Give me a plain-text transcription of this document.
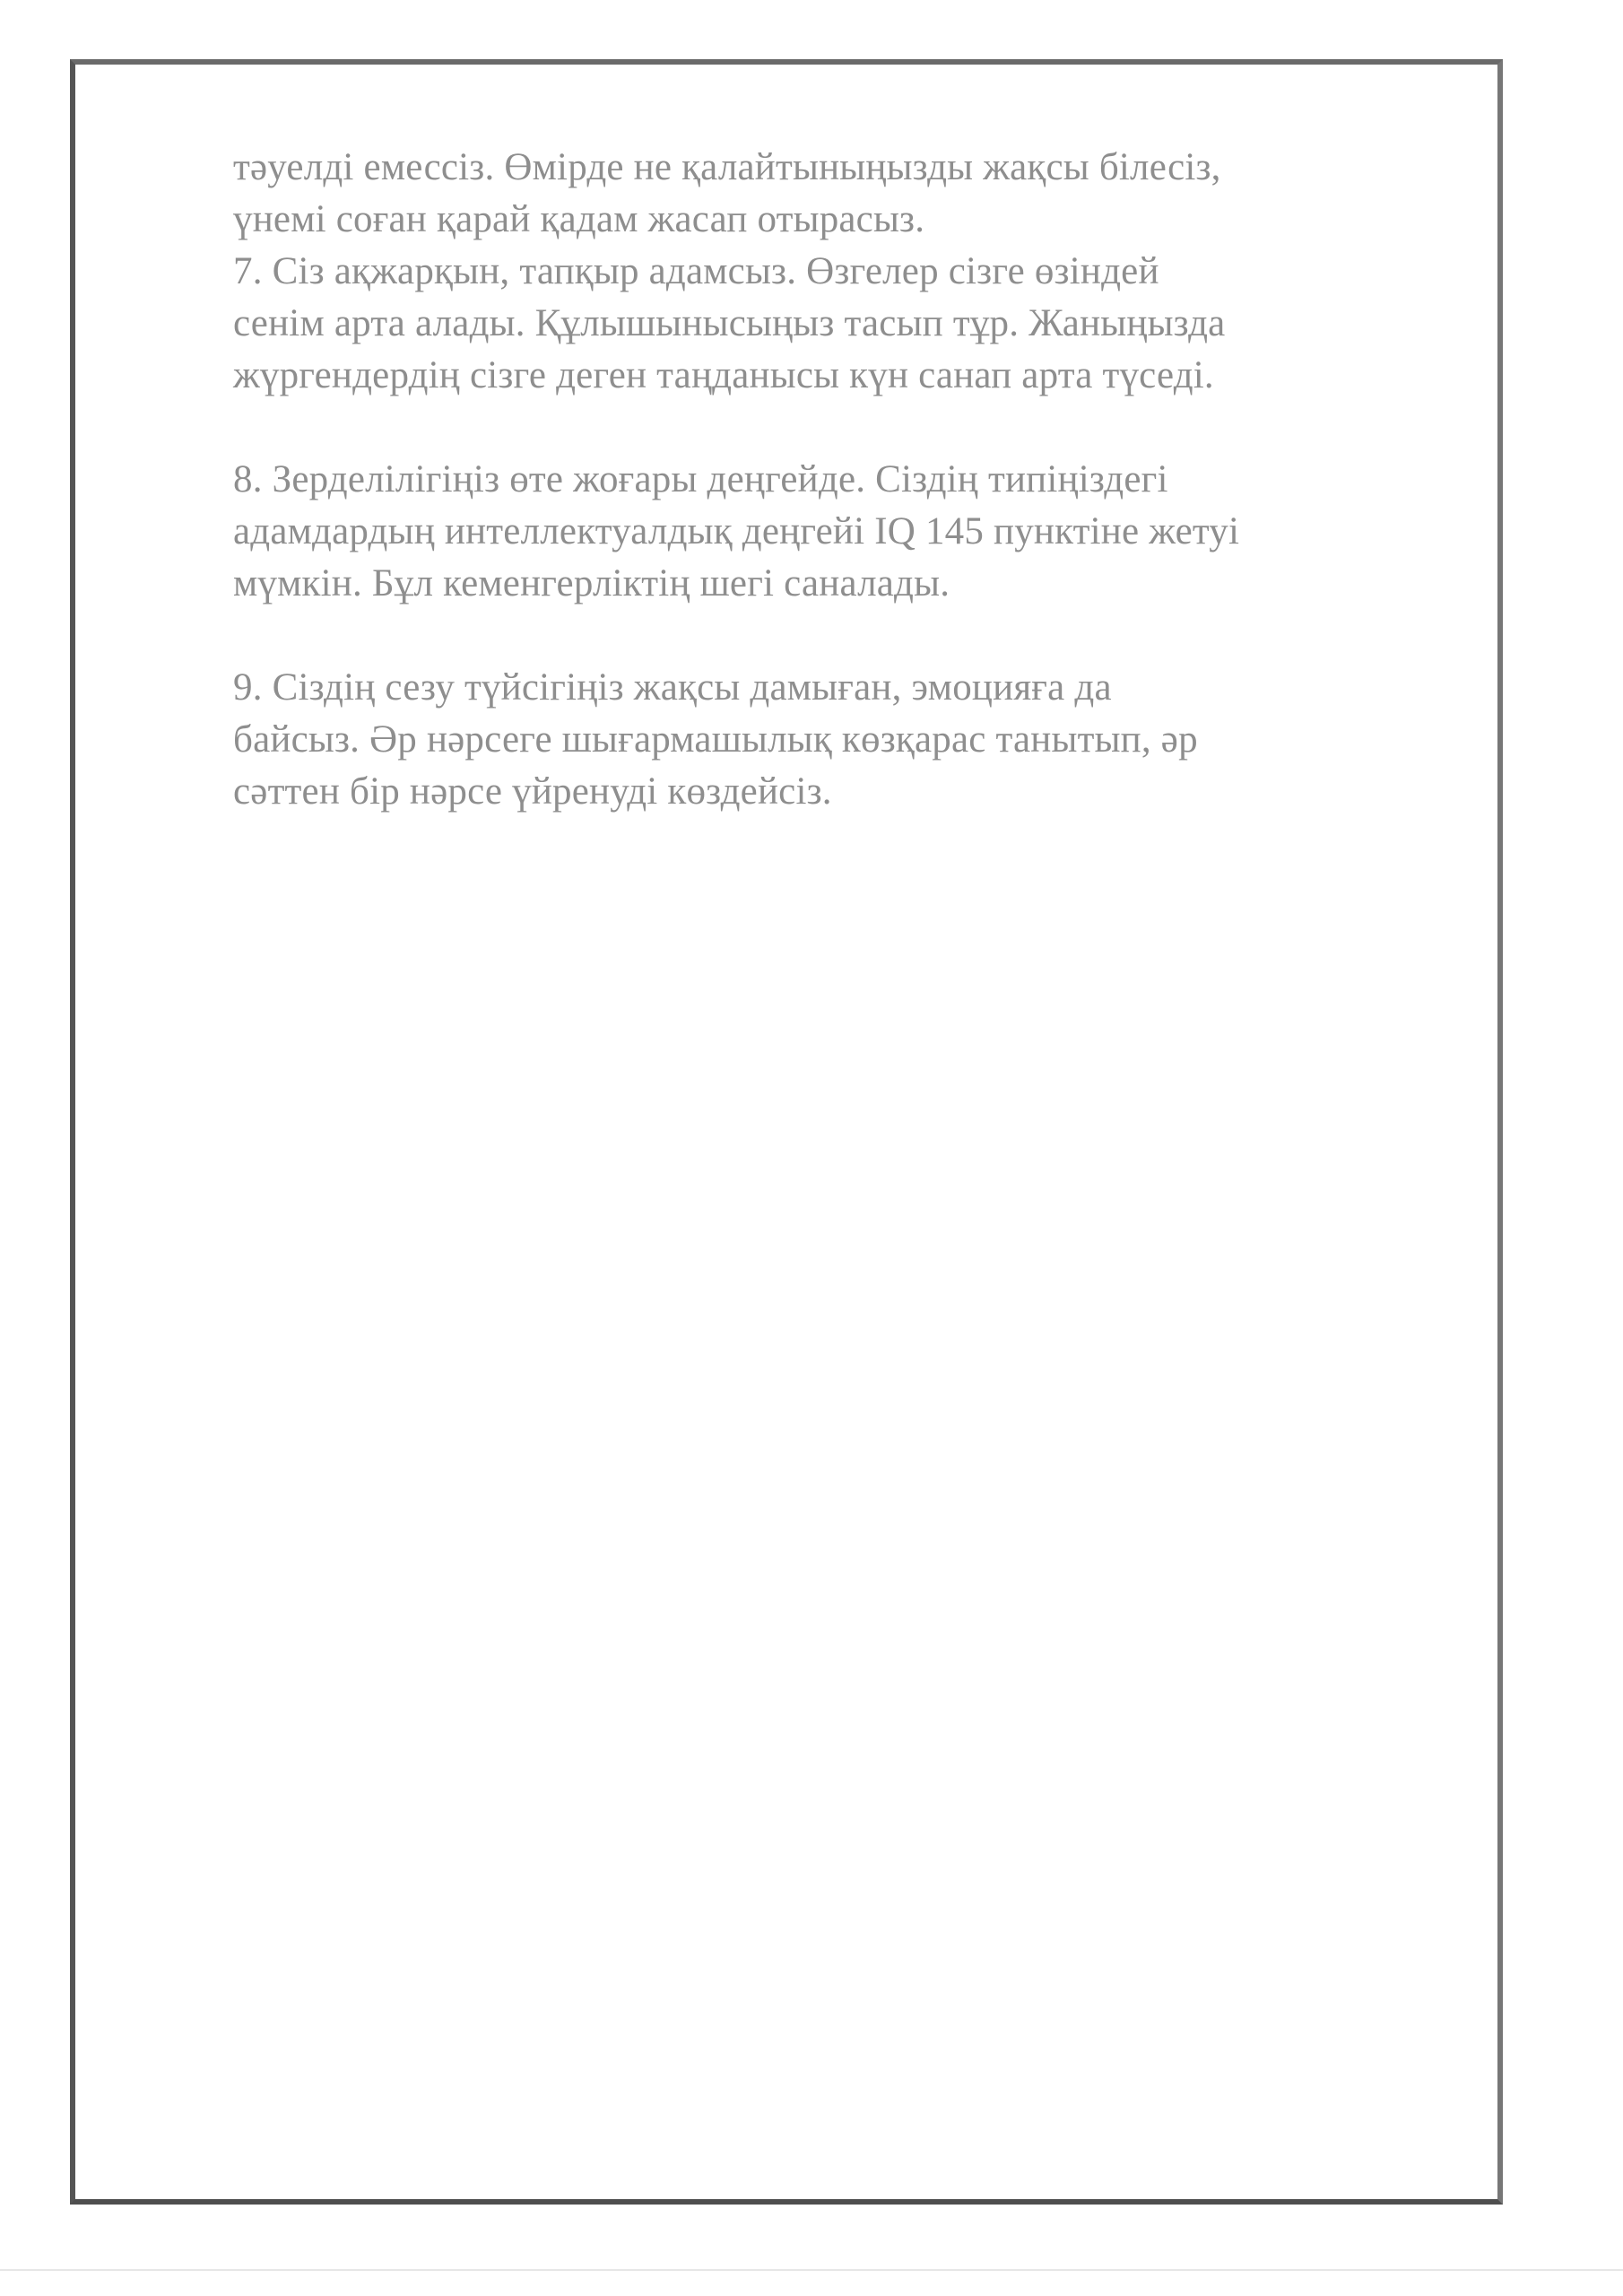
тәуелді емессіз. Өмірде не қалайтыныңызды жақсы білесіз,
үнемі соған қарай қадам жасап отырасыз.
7. Сіз ақжарқын, тапқыр адамсыз. Өзгелер сізге өзіндей
сенім арта алады. Құлышынысыңыз тасып тұр. Жаныңызда
жүргендердің сізге деген таңданысы күн санап арта түседі.
8. Зерделілігіңіз өте жоғары деңгейде. Сіздің типіңіздегі
адамдардың интеллектуалдық деңгейі IQ 145 пунктіне жетуі
мүмкін. Бұл кеменгерліктің шегі саналады.
9. Сіздің сезу түйсігіңіз жақсы дамыған, эмоцияға да
байсыз. Әр нәрсеге шығармашылық көзқарас танытып, әр
сәттен бір нәрсе үйренуді көздейсіз.
